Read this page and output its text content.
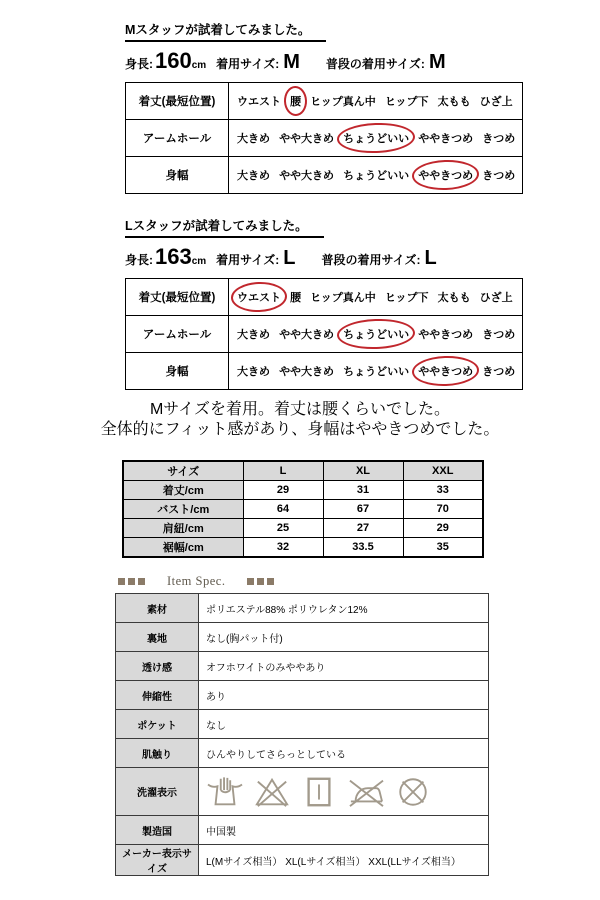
Mスタッフが試着してみました。
身長: 160 cm 着用サイズ: M 普段の着用サイズ: M
着丈(最短位置)	ウエスト 腰 ヒップ真ん中 ヒップ下 太もも ひざ上
アームホール	大きめ やや大きめ ちょうどいい ややきつめ きつめ
身幅	大きめ やや大きめ ちょうどいい ややきつめ きつめ
Lスタッフが試着してみました。
身長: 163 cm 着用サイズ: L 普段の着用サイズ: L
着丈(最短位置)	ウエスト 腰 ヒップ真ん中 ヒップ下 太もも ひざ上
アームホール	大きめ やや大きめ ちょうどいい ややきつめ きつめ
身幅	大きめ やや大きめ ちょうどいい ややきつめ きつめ
Mサイズを着用。着丈は腰くらいでした。
全体的にフィット感があり、身幅はややきつめでした。
サイズ	L	XL	XXL
着丈/cm	29	31	33
バスト/cm	64	67	70
肩紐/cm	25	27	29
裾幅/cm	32	33.5	35
Item Spec.
素材	ポリエステル88% ポリウレタン12%
裏地	なし(胸パット付)
透け感	オフホワイトのみややあり
伸縮性	あり
ポケット	なし
肌触り	ひんやりしてさらっとしている
洗濯表示	

製造国	中国製
メーカー表示サイズ	L(Mサイズ相当） XL(Lサイズ相当） XXL(LLサイズ相当）
